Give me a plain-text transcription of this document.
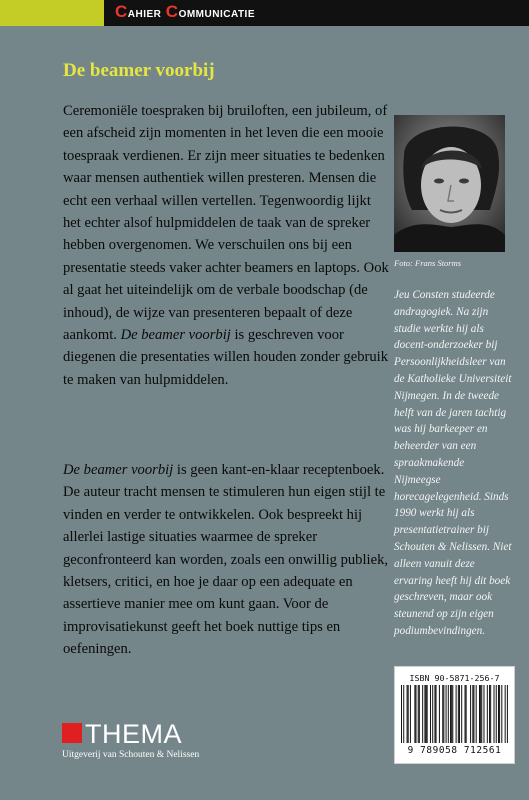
Cahier Communicatie
De beamer voorbij

Ceremoniële toespraken bij bruiloften, een jubileum, of een afscheid zijn momenten in het leven die een mooie toespraak verdienen. Er zijn meer situaties te bedenken waar mensen authentiek willen presteren. Mensen die echt een verhaal willen vertellen. Tegenwoordig lijkt het echter alsof hulpmiddelen de taak van de spreker hebben overgenomen. We verschuilen ons bij een presentatie steeds vaker achter beamers en laptops. Ook al gaat het uiteindelijk om de verbale boodschap (de inhoud), de wijze van presenteren bepaalt of deze aankomt. De beamer voorbij is geschreven voor diegenen die presentaties willen houden zonder gebruik te maken van hulpmiddelen.

De beamer voorbij is geen kant-en-klaar receptenboek. De auteur tracht mensen te stimuleren hun eigen stijl te vinden en verder te ontwikkelen. Ook bespreekt hij allerlei lastige situaties waarmee de spreker geconfronteerd kan worden, zoals een onwillig publiek, kletsers, critici, en hoe je daar op een adequate en assertieve manier mee om kunt gaan. Voor de improvisatiekunst geeft het boek nuttige tips en oefeningen.

Foto: Frans Storms

Jeu Consten studeerde andragogiek. Na zijn studie werkte hij als docent-onderzoeker bij Persoonlijkheidsleer van de Katholieke Universiteit Nijmegen. In de tweede helft van de jaren tachtig was hij barkeeper en beheerder van een spraakmakende Nijmeegse horecagelegenheid. Sinds 1990 werkt hij als presentatietrainer bij Schouten & Nelissen. Niet alleen vanuit deze ervaring heeft hij dit boek geschreven, maar ook steunend op zijn eigen podiumbevindingen.

ISBN 90-5871-256-7
9 789058 712561
THEMA
Uitgeverij van Schouten & Nelissen
